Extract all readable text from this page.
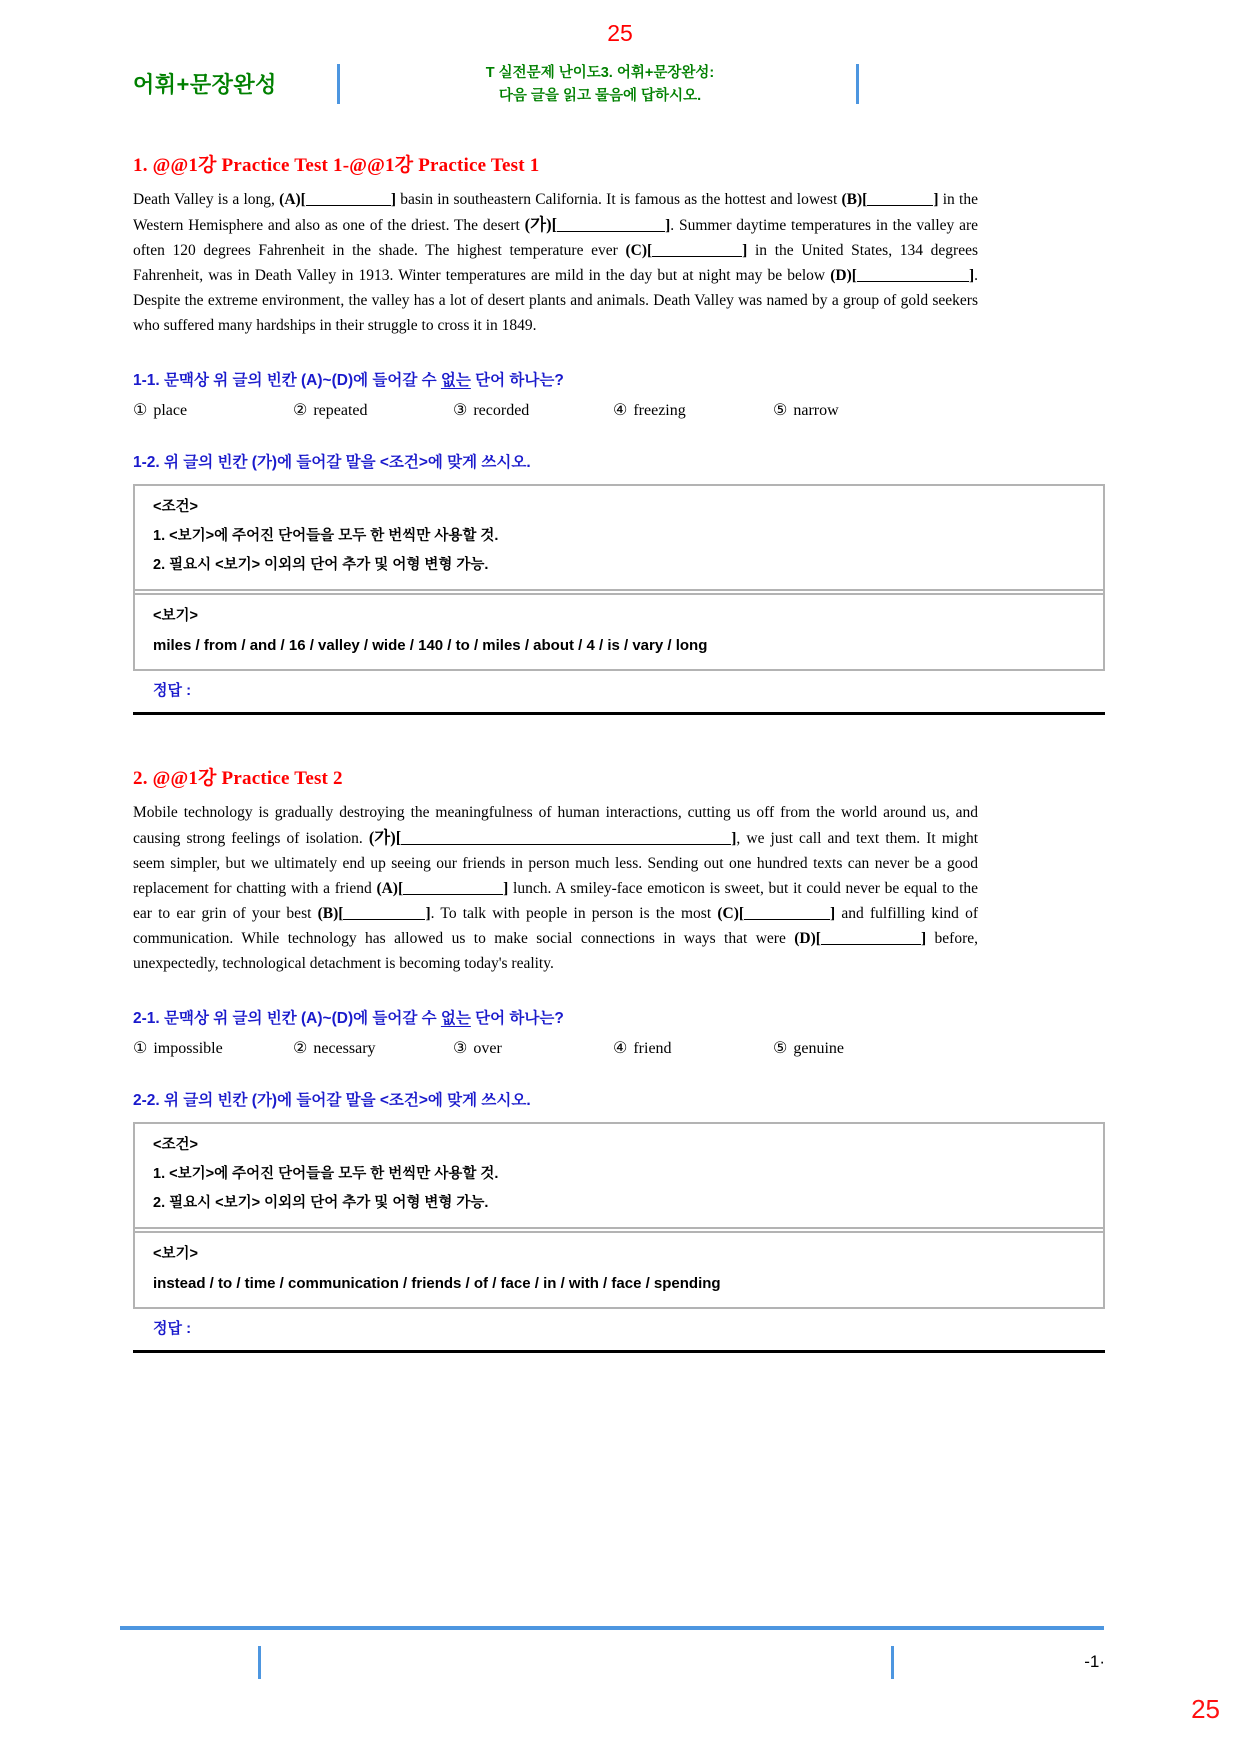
25
어휘+문장완성	T 실전문제 난이도3. 어휘+문장완성:
다음 글을 읽고 물음에 답하시오.
1. @@1강 Practice Test 1-@@1강 Practice Test 1

Death Valley is a long, (A)[	] basin in southeastern California. It is famous as the hottest and lowest (B)[	] in the Western Hemisphere and also as one of the driest. The desert (가)[	]. Summer daytime temperatures in the valley are often 120 degrees Fahrenheit in the shade. The highest temperature ever (C)[	] in the United States, 134 degrees Fahrenheit, was in Death Valley in 1913. Winter temperatures are mild in the day but at night may be below (D)[	]. Despite the extreme environment, the valley has a lot of desert plants and animals. Death Valley was named by a group of gold seekers who suffered many hardships in their struggle to cross it in 1849.

1-1. 문맥상 위 글의 빈칸 (A)~(D)에 들어갈 수 없는 단어 하나는?
① place	② repeated	③ recorded	④ freezing	⑤ narrow
1-2. 위 글의 빈칸 (가)에 들어갈 말을 <조건>에 맞게 쓰시오.
<조건>
1. <보기>에 주어진 단어들을 모두 한 번씩만 사용할 것.
2. 필요시 <보기> 이외의 단어 추가 및 어형 변형 가능.
<보기>
miles / from / and / 16 / valley / wide / 140 / to / miles / about / 4 / is / vary / long
정답 :
2. @@1강 Practice Test 2

Mobile technology is gradually destroying the meaningfulness of human interactions, cutting us off from the world around us, and causing strong feelings of isolation. (가)[	], we just call and text them. It might seem simpler, but we ultimately end up seeing our friends in person much less. Sending out one hundred texts can never be a good replacement for chatting with a friend (A)[	] lunch. A smiley-face emoticon is sweet, but it could never be equal to the ear to ear grin of your best (B)[	]. To talk with people in person is the most (C)[	] and fulfilling kind of communication. While technology has allowed us to make social connections in ways that were (D)[	] before, unexpectedly, technological detachment is becoming today's reality.

2-1. 문맥상 위 글의 빈칸 (A)~(D)에 들어갈 수 없는 단어 하나는?
① impossible	② necessary	③ over	④ friend	⑤ genuine
2-2. 위 글의 빈칸 (가)에 들어갈 말을 <조건>에 맞게 쓰시오.
<조건>
1. <보기>에 주어진 단어들을 모두 한 번씩만 사용할 것.
2. 필요시 <보기> 이외의 단어 추가 및 어형 변형 가능.
<보기>
instead / to / time / communication / friends / of / face / in / with / face / spending
정답 :
-1·
25
